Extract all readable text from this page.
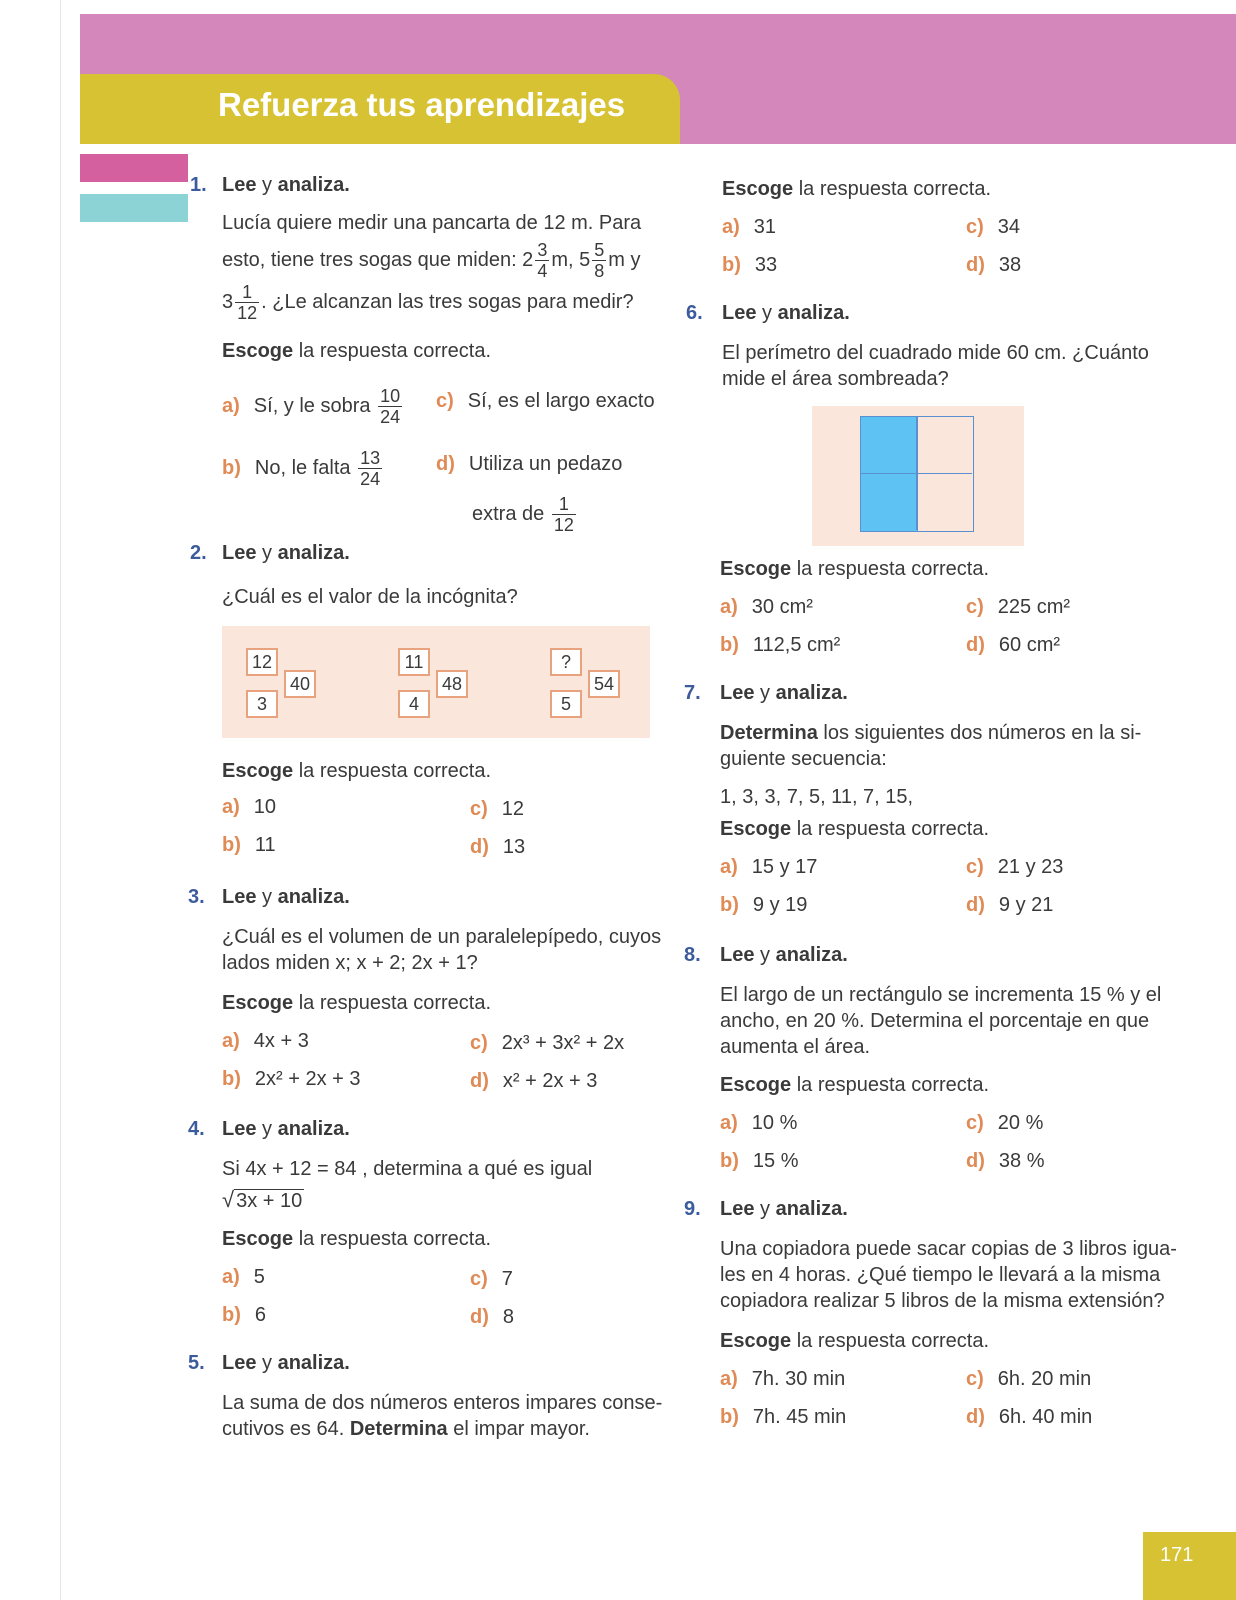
Refuerza tus aprendizajes
171
1. Lee y analiza.
Lucía quiere medir una pancarta de 12 m. Para
esto, tiene tres sogas que miden: $2 \frac{3}{4} m$, $5 \frac{5}{8}$ m y
$3 \frac{1}{12}$ . ¿Le alcanzan las tres sogas para medir?
Escoge la respuesta correcta.
a) Sí, y le sobra $\frac{10}{24} c$) Sí, es el largo exacto
b) No, le falta $\frac{13}{24}$	d) Utiliza un pedazo
extra de $\frac{1}{12}$
2. Lee y analiza.
¿Cuál es el valor de la incógnita?
12
3
40
11
4
48
?
5
54
Escoge la respuesta correcta.
a) 10	c) 12
b) 11	d) 13
3. Lee y analiza.
¿Cuál es el volumen de un paralelepípedo, cuyos
lados miden x; x + 2; 2x + 1?
Escoge la respuesta correcta.
a) 4x + 3	c) 2x³ + 3x² + 2x
b) 2x² + 2x + 3	d) x² + 2x + 3
4. Lee y analiza.
Si 4x + 12 = 84 , determina a qué es igual
√ 3x + 10
Escoge la respuesta correcta.
a) 5	c) 7
b) 6	d) 8
5. Lee y analiza.
La suma de dos números enteros impares conse-
cutivos es 64. Determina el impar mayor.
Escoge la respuesta correcta.
a) 31	c) 34
b) 33	d) 38
6. Lee y analiza.
El perímetro del cuadrado mide 60 cm. ¿Cuánto
mide el área sombreada?
Escoge la respuesta correcta.
a) 30 cm²	c) 225 cm²
b) 112,5 cm²	d) 60 cm²
7. Lee y analiza.
Determina los siguientes dos números en la si-
guiente secuencia:
1, 3, 3, 7, 5, 11, 7, 15,
Escoge la respuesta correcta.
a) 15 y 17	c) 21 y 23
b) 9 y 19	d) 9 y 21
8. Lee y analiza.
El largo de un rectángulo se incrementa 15 % y el
ancho, en 20 %. Determina el porcentaje en que
aumenta el área.
Escoge la respuesta correcta.
a) 10 %	c) 20 %
b) 15 %	d) 38 %
9. Lee y analiza.
Una copiadora puede sacar copias de 3 libros igua-
les en 4 horas. ¿Qué tiempo le llevará a la misma
copiadora realizar 5 libros de la misma extensión?
Escoge la respuesta correcta.
a) 7h. 30 min	c) 6h. 20 min
b) 7h. 45 min	d) 6h. 40 min
